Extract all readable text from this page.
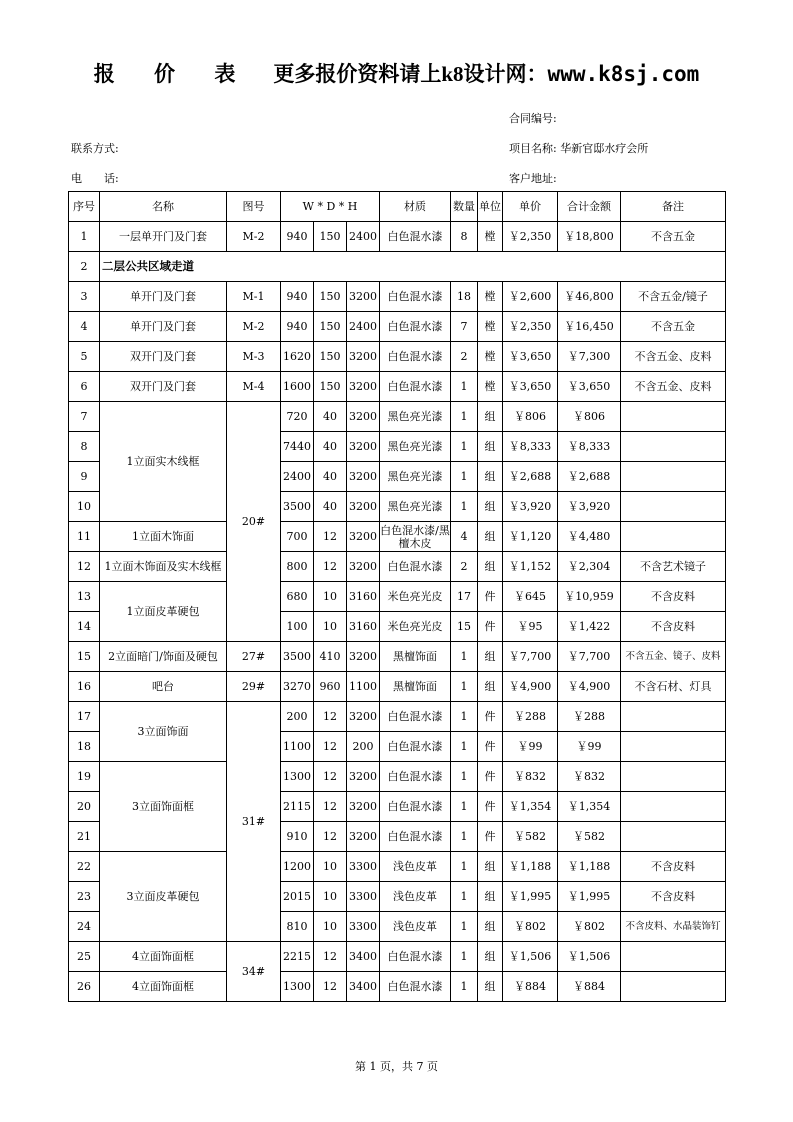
报 价 表 更多报价资料请上k8设计网：www.k8sj.com
合同编号:
联系方式:	项目名称: 华新官邸水疗会所
电　　话:	客户地址:
序号	名称	图号	W * D * H			材质	数量	单位	单价	合计金额	备注
1	一层单开门及门套	M-2	940	150	2400	白色混水漆	8	樘	￥2,350	￥18,800	不含五金
2	二层公共区域走道										
3	单开门及门套	M-1	940	150	3200	白色混水漆	18	樘	￥2,600	￥46,800	不含五金/镜子
4	单开门及门套	M-2	940	150	2400	白色混水漆	7	樘	￥2,350	￥16,450	不含五金
5	双开门及门套	M-3	1620	150	3200	白色混水漆	2	樘	￥3,650	￥7,300	不含五金、皮料
6	双开门及门套	M-4	1600	150	3200	白色混水漆	1	樘	￥3,650	￥3,650	不含五金、皮料
7	1立面实木线框	20#	720	40	3200	黑色亮光漆	1	组	￥806	￥806	
8			7440	40	3200	黑色亮光漆	1	组	￥8,333	￥8,333	
9			2400	40	3200	黑色亮光漆	1	组	￥2,688	￥2,688	
10			3500	40	3200	黑色亮光漆	1	组	￥3,920	￥3,920	
11	1立面木饰面		700	12	3200	白色混水漆/黑檀木皮	4	组	￥1,120	￥4,480	
12	1立面木饰面及实木线框		800	12	3200	白色混水漆	2	组	￥1,152	￥2,304	不含艺术镜子
13	1立面皮革硬包		680	10	3160	米色亮光皮	17	件	￥645	￥10,959	不含皮料
14			100	10	3160	米色亮光皮	15	件	￥95	￥1,422	不含皮料
15	2立面暗门/饰面及硬包	27#	3500	410	3200	黑檀饰面	1	组	￥7,700	￥7,700	不含五金、镜子、皮料
16	吧台	29#	3270	960	1100	黑檀饰面	1	组	￥4,900	￥4,900	不含石材、灯具
17	3立面饰面	31#	200	12	3200	白色混水漆	1	件	￥288	￥288	
18			1100	12	200	白色混水漆	1	件	￥99	￥99	
19	3立面饰面框		1300	12	3200	白色混水漆	1	件	￥832	￥832	
20			2115	12	3200	白色混水漆	1	件	￥1,354	￥1,354	
21			910	12	3200	白色混水漆	1	件	￥582	￥582	
22	3立面皮革硬包		1200	10	3300	浅色皮革	1	组	￥1,188	￥1,188	不含皮料
23			2015	10	3300	浅色皮革	1	组	￥1,995	￥1,995	不含皮料
24			810	10	3300	浅色皮革	1	组	￥802	￥802	不含皮料、水晶装饰钉
25	4立面饰面框	34#	2215	12	3400	白色混水漆	1	组	￥1,506	￥1,506	
26	4立面饰面框		1300	12	3400	白色混水漆	1	组	￥884	￥884	
第 1 页，共 7 页
